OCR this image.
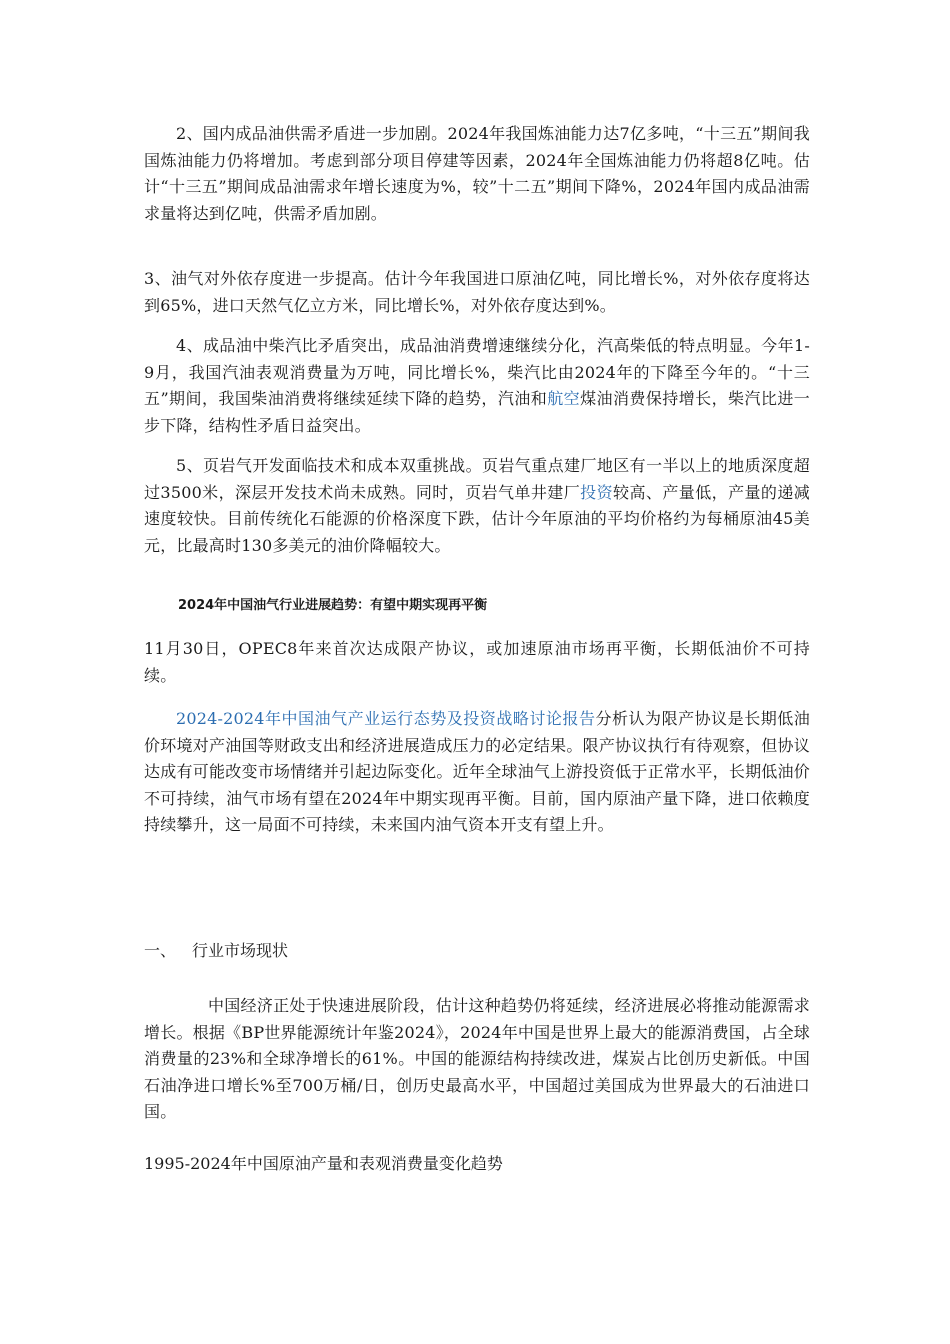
2、国内成品油供需矛盾进一步加剧。2024年我国炼油能力达7亿多吨，“十三五”期间我国炼油能力仍将增加。考虑到部分项目停建等因素，2024年全国炼油能力仍将超8亿吨。估计“十三五”期间成品油需求年增长速度为%，较”十二五”期间下降%，2024年国内成品油需求量将达到亿吨，供需矛盾加剧。

3、油气对外依存度进一步提高。估计今年我国进口原油亿吨，同比增长%，对外依存度将达到65%，进口天然气亿立方米，同比增长%，对外依存度达到%。

4、成品油中柴汽比矛盾突出，成品油消费增速继续分化，汽高柴低的特点明显。今年1-9月，我国汽油表观消费量为万吨，同比增长%，柴汽比由2024年的下降至今年的。“十三五”期间，我国柴油消费将继续延续下降的趋势，汽油和航空煤油消费保持增长，柴汽比进一步下降，结构性矛盾日益突出。

5、页岩气开发面临技术和成本双重挑战。页岩气重点建厂地区有一半以上的地质深度超过3500米，深层开发技术尚未成熟。同时，页岩气单井建厂投资较高、产量低，产量的递减速度较快。目前传统化石能源的价格深度下跌，估计今年原油的平均价格约为每桶原油45美元，比最高时130多美元的油价降幅较大。

2024年中国油气行业进展趋势：有望中期实现再平衡

11月30日，OPEC8年来首次达成限产协议，或加速原油市场再平衡，长期低油价不可持续。

2024-2024年中国油气产业运行态势及投资战略讨论报告分析认为限产协议是长期低油价环境对产油国等财政支出和经济进展造成压力的必定结果。限产协议执行有待观察，但协议达成有可能改变市场情绪并引起边际变化。近年全球油气上游投资低于正常水平，长期低油价不可持续，油气市场有望在2024年中期实现再平衡。目前，国内原油产量下降，进口依赖度持续攀升，这一局面不可持续，未来国内油气资本开支有望上升。

一、 行业市场现状

中国经济正处于快速进展阶段，估计这种趋势仍将延续，经济进展必将推动能源需求增长。根据《BP世界能源统计年鉴2024》，2024年中国是世界上最大的能源消费国，占全球消费量的23%和全球净增长的61%。中国的能源结构持续改进，煤炭占比创历史新低。中国石油净进口增长%至700万桶/日，创历史最高水平，中国超过美国成为世界最大的石油进口国。

1995-2024年中国原油产量和表观消费量变化趋势
